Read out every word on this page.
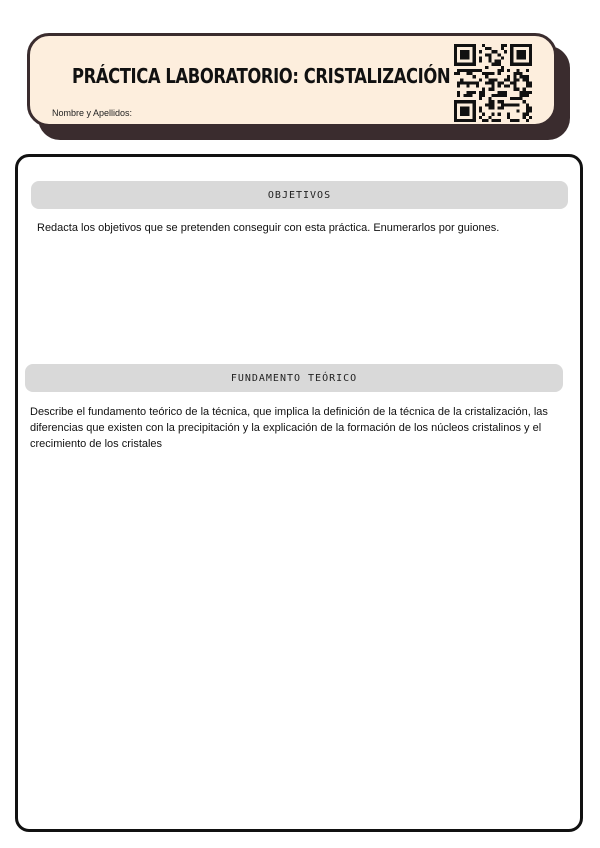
PRÁCTICA LABORATORIO: CRISTALIZACIÓN
Nombre y Apellidos:
OBJETIVOS

Redacta los objetivos que se pretenden conseguir con esta práctica. Enumerarlos por guiones.

FUNDAMENTO TEÓRICO

Describe el fundamento teórico de la técnica, que implica la definición de la técnica de la cristalización, las diferencias que existen con la precipitación y la explicación de la formación de los núcleos cristalinos y el crecimiento de los cristales
